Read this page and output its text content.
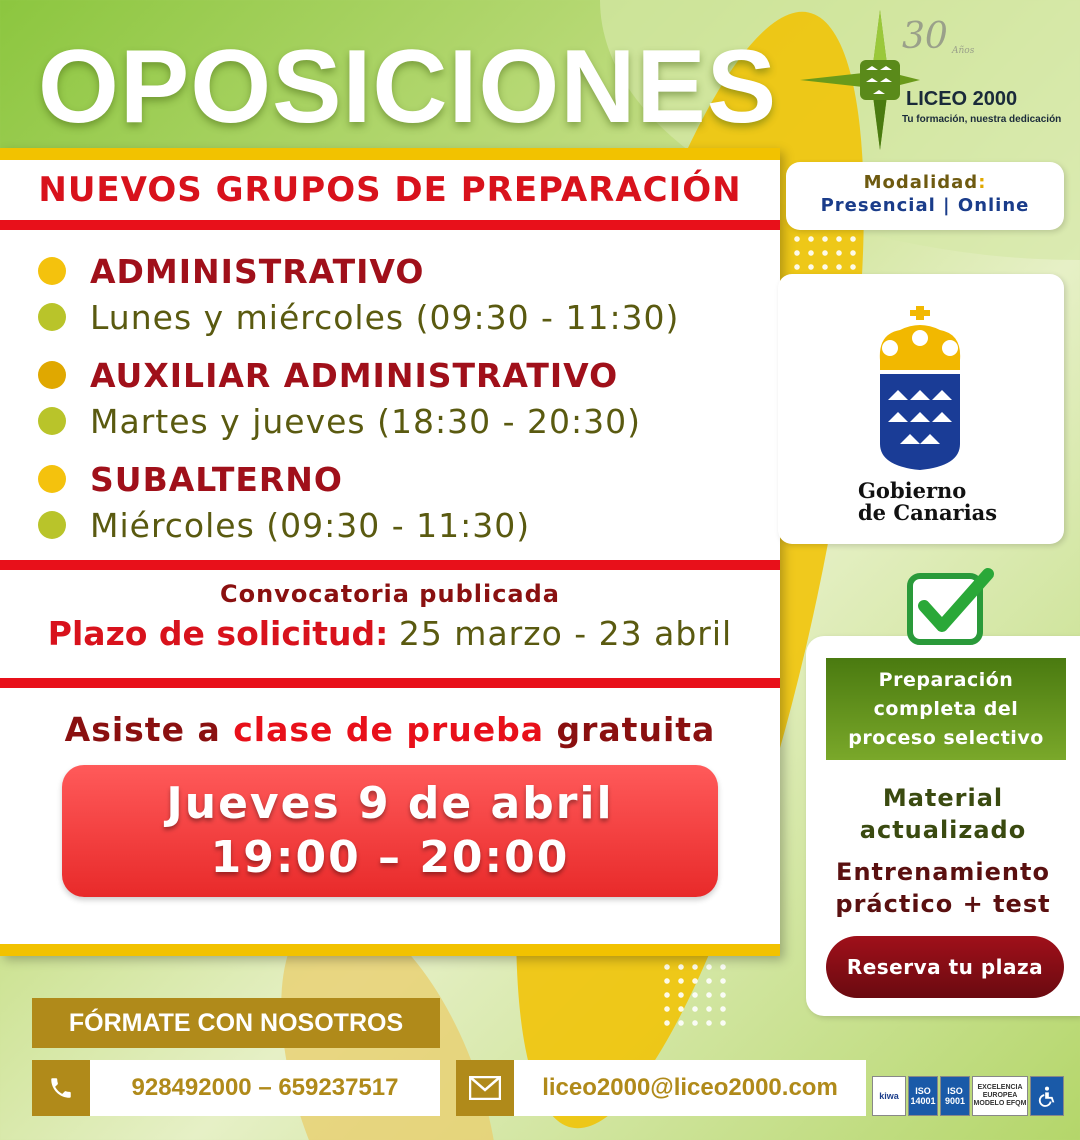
OPOSICIONES	30 Años
LICEO 2000
Tu formación, nuestra dedicación
NUEVOS GRUPOS DE PREPARACIÓN
ADMINISTRATIVO
Lunes y miércoles (09:30 - 11:30)
AUXILIAR ADMINISTRATIVO
Martes y jueves (18:30 - 20:30)
SUBALTERNO
Miércoles (09:30 - 11:30)
Convocatoria publicada
Plazo de solicitud: 25 marzo - 23 abril
Asiste a clase de prueba gratuita
Jueves 9 de abril
19:00 – 20:00
Modalidad:
Presencial | Online
Gobierno
de Canarias
Preparación
completa del
proceso selectivo
Material
actualizado
Entrenamiento
práctico + test
Reserva tu plaza
FÓRMATE CON NOSOTROS
928492000 – 659237517	liceo2000@liceo2000.com	kiwa ISO
14001
ISO
9001
EXCELENCIA
EUROPEA
MODELO EFQM
